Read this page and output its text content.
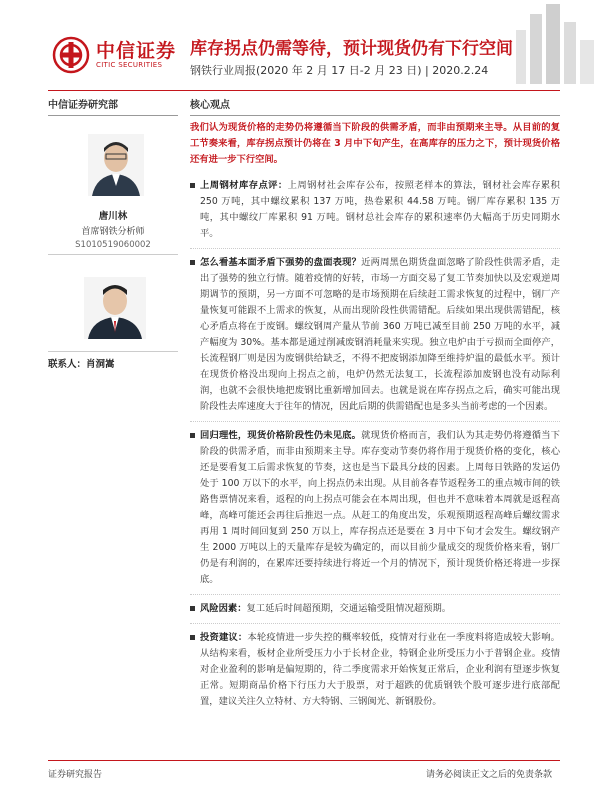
中信证券
CITIC SECURITIES
库存拐点仍需等待，预计现货仍有下行空间
钢铁行业周报(2020 年 2 月 17 日-2 月 23 日) | 2020.2.24
中信证券研究部
唐川林
首席钢铁分析师
S1010519060002
联系人：肖洞嵩
核心观点
我们认为现货价格的走势仍将遵循当下阶段的供需矛盾，而非由预期来主导。从目前的复工节奏来看，库存拐点预计仍将在 3 月中下旬产生，在高库存的压力之下，预计现货价格还有进一步下行空间。
上周钢材库存点评：上周钢材社会库存公布，按照老样本的算法，钢材社会库存累积 250 万吨，其中螺纹累积 137 万吨，热卷累积 44.58 万吨。钢厂库存累积 135 万吨，其中螺纹厂库累积 91 万吨。钢材总社会库存的累积速率仍大幅高于历史同期水平。
怎么看基本面矛盾下强势的盘面表现？近两周黑色期货盘面忽略了阶段性供需矛盾，走出了强势的独立行情。随着疫情的好转，市场一方面交易了复工节奏加快以及宏观逆周期调节的预期，另一方面不可忽略的是市场预期在后续赶工需求恢复的过程中，钢厂产量恢复可能跟不上需求的恢复，从而出现阶段性供需错配。后续如果出现供需错配，核心矛盾点将在于废钢。螺纹钢周产量从节前 360 万吨已减至目前 250 万吨的水平，减产幅度为 30%。基本都是通过削减废钢消耗量来实现。独立电炉由于亏损而全面停产，长流程钢厂则是因为废钢供给缺乏，不得不把废钢添加降至维持炉温的最低水平。预计在现货价格没出现向上拐点之前，电炉仍然无法复工，长流程添加废钢也没有动际利润，也就不会很快地把废钢比重新增加回去。也就是说在库存拐点之后，确实可能出现阶段性去库速度大于往年的情况，因此后期的供需错配也是多头当前考虑的一个因素。
回归理性，现货价格阶段性仍未见底。就现货价格而言，我们认为其走势仍将遵循当下阶段的供需矛盾，而非由预期来主导。库存变动节奏仍将作用于现货价格的变化，核心还是要看复工后需求恢复的节奏，这也是当下最具分歧的因素。上周每日铁路的发运仍处于 100 万以下的水平，向上拐点仍未出现。从目前各春节返程务工的重点城市间的铁路售票情况来看，返程的向上拐点可能会在本周出现，但也并不意味着本周就是返程高峰，高峰可能还会再往后推迟一点。从赶工的角度出发，乐观预期返程高峰后螺纹需求再用 1 周时间回复到 250 万以上，库存拐点还是要在 3 月中下旬才会发生。螺纹钢产生 2000 万吨以上的天量库存是较为确定的，而以目前少量成交的现货价格来看，钢厂仍是有利润的，在累库还要持续进行将近一个月的情况下，预计现货价格还将进一步探底。
风险因素：复工延后时间超预期，交通运输受阻情况超预期。
投资建议：本轮疫情进一步失控的概率较低，疫情对行业在一季度料将造成较大影响。从结构来看，板材企业所受压力小于长材企业，特钢企业所受压力小于普钢企业。疫情对企业盈利的影响是偏短期的，待二季度需求开始恢复正常后，企业利润有望逐步恢复正常。短期商品价格下行压力大于股票，对于超跌的优质钢铁个股可逐步进行底部配置，建议关注久立特材、方大特钢、三钢闽光、新钢股份。
证券研究报告	请务必阅读正文之后的免责条款
